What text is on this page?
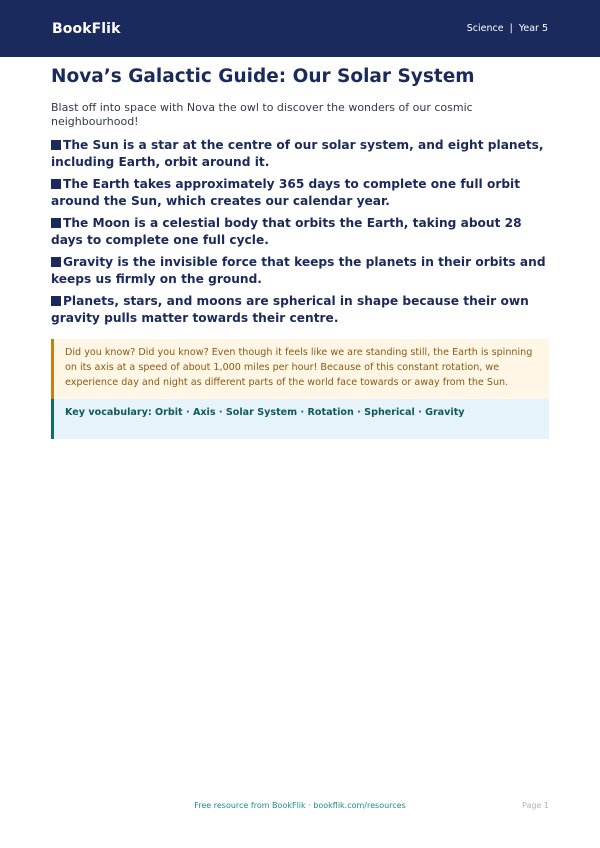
BookFlik	Science | Year 5
Nova’s Galactic Guide: Our Solar System

Blast off into space with Nova the owl to discover the wonders of our cosmic neighbourhood!

The Sun is a star at the centre of our solar system, and eight planets, including Earth, orbit around it.
The Earth takes approximately 365 days to complete one full orbit around the Sun, which creates our calendar year.
The Moon is a celestial body that orbits the Earth, taking about 28 days to complete one full cycle.
Gravity is the invisible force that keeps the planets in their orbits and keeps us firmly on the ground.
Planets, stars, and moons are spherical in shape because their own gravity pulls matter towards their centre.

Did you know? Did you know? Even though it feels like we are standing still, the Earth is spinning on its axis at a speed of about 1,000 miles per hour! Because of this constant rotation, we experience day and night as different parts of the world face towards or away from the Sun.

Key vocabulary: Orbit · Axis · Solar System · Rotation · Spherical · Gravity

Free resource from BookFlik · bookflik.com/resources	Page 1
